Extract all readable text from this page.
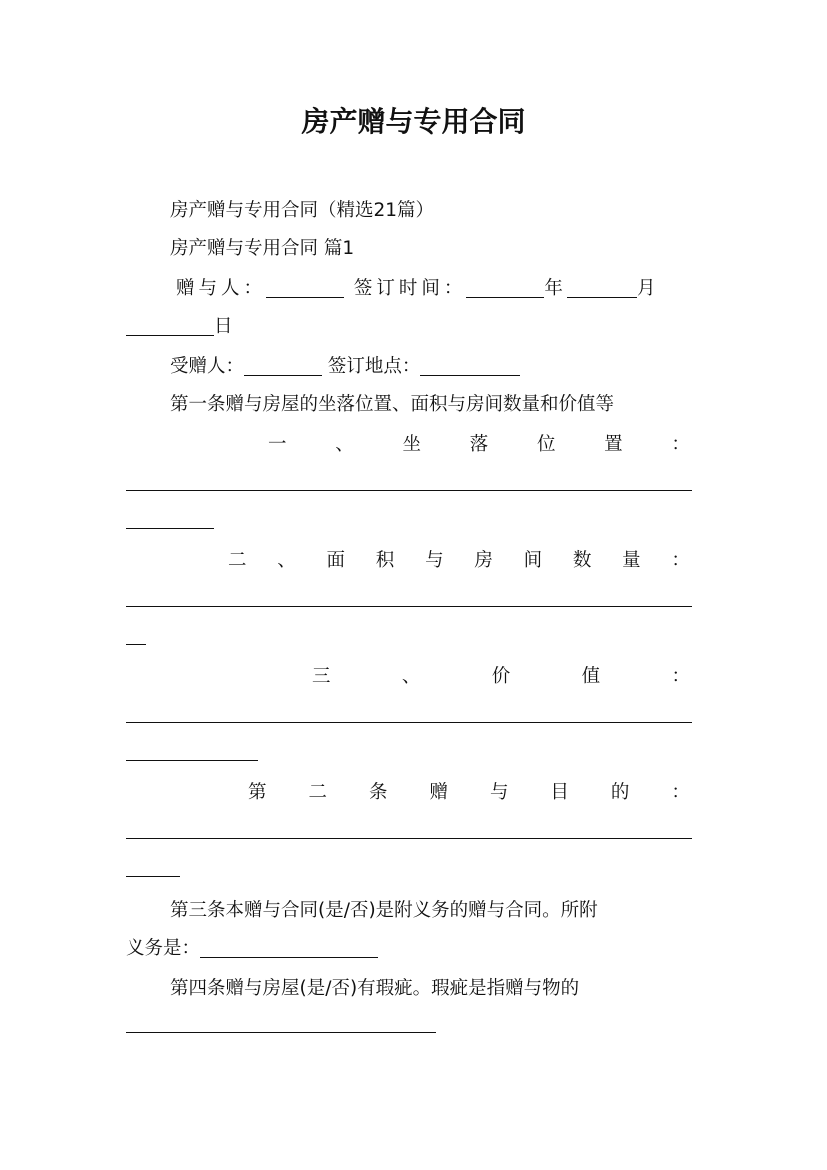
房产赠与专用合同
房产赠与专用合同（精选21篇）
房产赠与专用合同 篇1
赠与人：	签订时间：	年	月
日
受赠人：	签订地点：
第一条赠与房屋的坐落位置、面积与房间数量和价值等
一	、	坐	落	位	置	：
二 、 面 积 与 房 间 数 量 ：
三	、	价	值	：
第 二 条 赠 与 目 的 ：
第三条本赠与合同(是/否)是附义务的赠与合同。所附
义务是：
第四条赠与房屋(是/否)有瑕疵。瑕疵是指赠与物的
